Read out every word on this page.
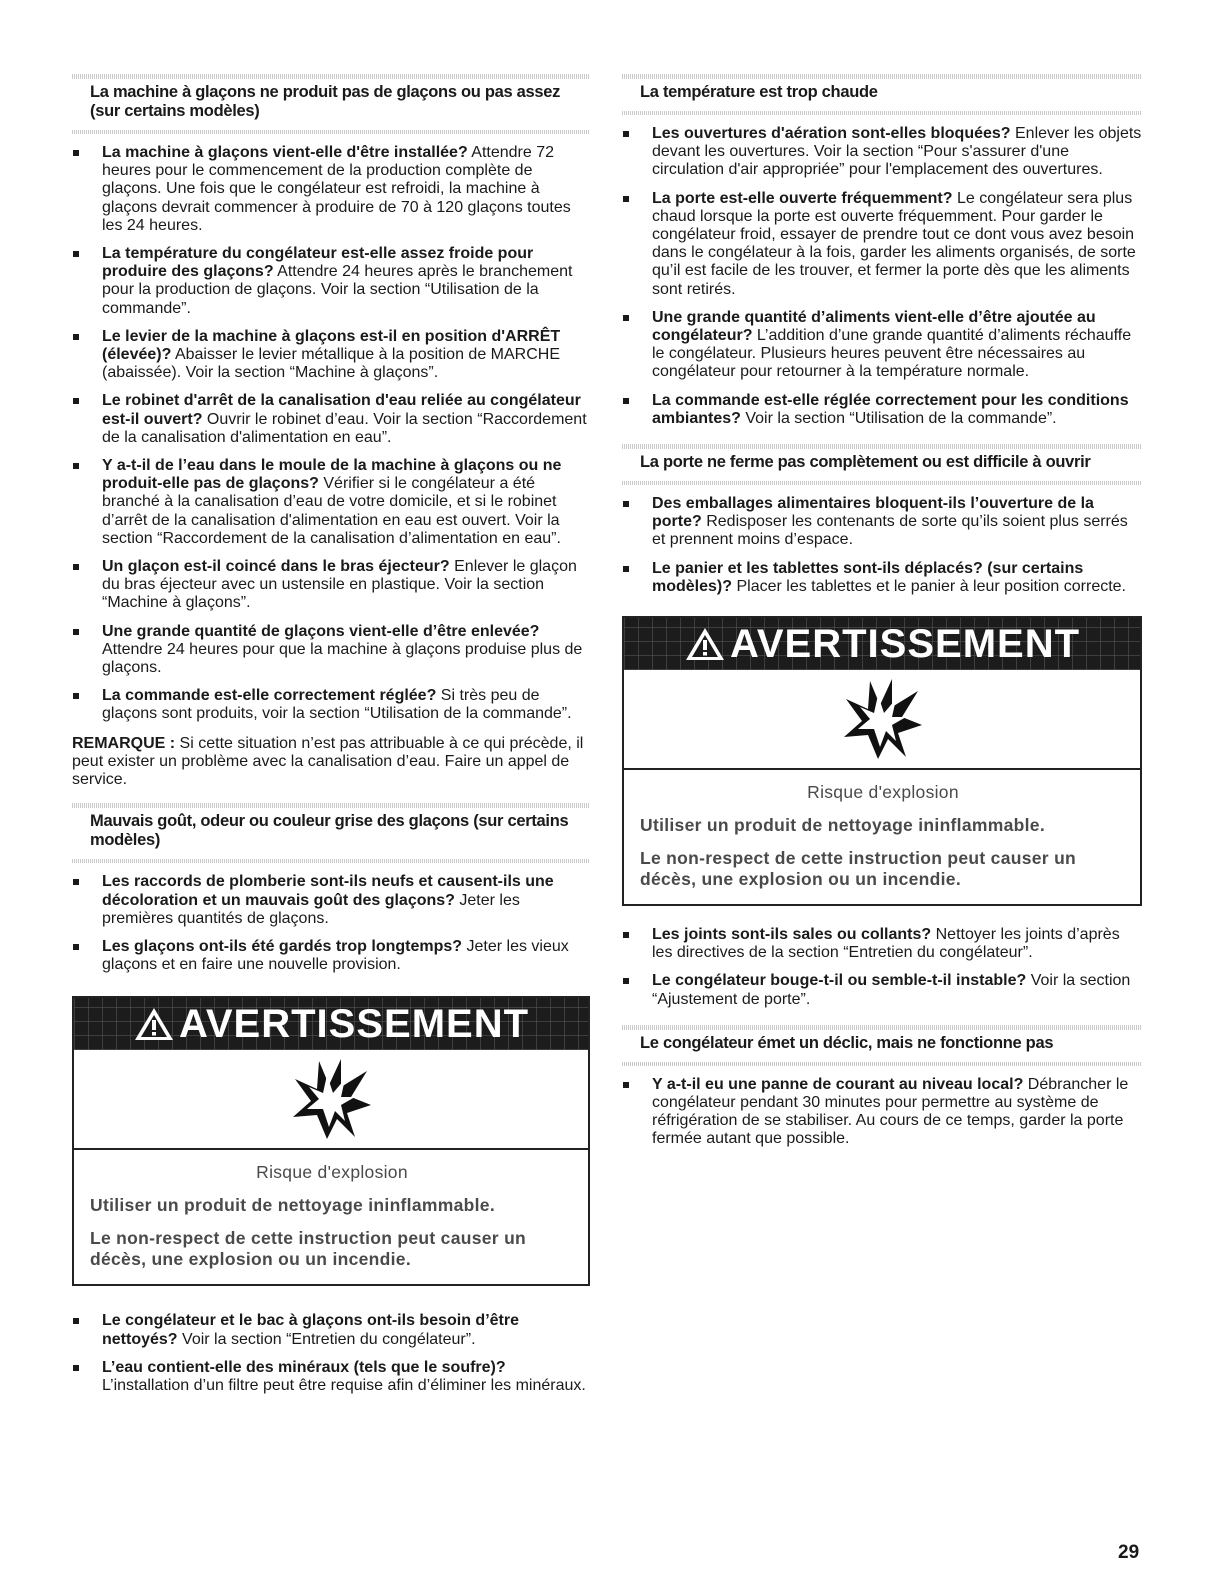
La machine à glaçons ne produit pas de glaçons ou pas assez (sur certains modèles)
La machine à glaçons vient-elle d'être installée? Attendre 72 heures pour le commencement de la production complète de glaçons. Une fois que le congélateur est refroidi, la machine à glaçons devrait commencer à produire de 70 à 120 glaçons toutes les 24 heures.
La température du congélateur est-elle assez froide pour produire des glaçons? Attendre 24 heures après le branchement pour la production de glaçons. Voir la section “Utilisation de la commande”.
Le levier de la machine à glaçons est-il en position d'ARRÊT (élevée)? Abaisser le levier métallique à la position de MARCHE (abaissée). Voir la section “Machine à glaçons”.
Le robinet d'arrêt de la canalisation d'eau reliée au congélateur est-il ouvert? Ouvrir le robinet d’eau. Voir la section “Raccordement de la canalisation d'alimentation en eau”.
Y a-t-il de l’eau dans le moule de la machine à glaçons ou ne produit-elle pas de glaçons? Vérifier si le congélateur a été branché à la canalisation d’eau de votre domicile, et si le robinet d’arrêt de la canalisation d'alimentation en eau est ouvert. Voir la section “Raccordement de la canalisation d’alimentation en eau”.
Un glaçon est-il coincé dans le bras éjecteur? Enlever le glaçon du bras éjecteur avec un ustensile en plastique. Voir la section “Machine à glaçons”.
Une grande quantité de glaçons vient-elle d’être enlevée? Attendre 24 heures pour que la machine à glaçons produise plus de glaçons.
La commande est-elle correctement réglée? Si très peu de glaçons sont produits, voir la section “Utilisation de la commande”.
REMARQUE : Si cette situation n’est pas attribuable à ce qui précède, il peut exister un problème avec la canalisation d’eau. Faire un appel de service.
Mauvais goût, odeur ou couleur grise des glaçons (sur certains modèles)
Les raccords de plomberie sont-ils neufs et causent-ils une décoloration et un mauvais goût des glaçons? Jeter les premières quantités de glaçons.
Les glaçons ont-ils été gardés trop longtemps? Jeter les vieux glaçons et en faire une nouvelle provision.
AVERTISSEMENT
Risque d'explosion
Utiliser un produit de nettoyage ininflammable.
Le non-respect de cette instruction peut causer un décès, une explosion ou un incendie.
Le congélateur et le bac à glaçons ont-ils besoin d’être nettoyés? Voir la section “Entretien du congélateur”.
L’eau contient-elle des minéraux (tels que le soufre)? L’installation d’un filtre peut être requise afin d’éliminer les minéraux.
La température est trop chaude
Les ouvertures d'aération sont-elles bloquées? Enlever les objets devant les ouvertures. Voir la section “Pour s'assurer d'une circulation d'air appropriée” pour l'emplacement des ouvertures.
La porte est-elle ouverte fréquemment? Le congélateur sera plus chaud lorsque la porte est ouverte fréquemment. Pour garder le congélateur froid, essayer de prendre tout ce dont vous avez besoin dans le congélateur à la fois, garder les aliments organisés, de sorte qu’il est facile de les trouver, et fermer la porte dès que les aliments sont retirés.
Une grande quantité d’aliments vient-elle d’être ajoutée au congélateur? L’addition d’une grande quantité d’aliments réchauffe le congélateur. Plusieurs heures peuvent être nécessaires au congélateur pour retourner à la température normale.
La commande est-elle réglée correctement pour les conditions ambiantes? Voir la section “Utilisation de la commande”.
La porte ne ferme pas complètement ou est difficile à ouvrir
Des emballages alimentaires bloquent-ils l’ouverture de la porte? Redisposer les contenants de sorte qu’ils soient plus serrés et prennent moins d’espace.
Le panier et les tablettes sont-ils déplacés? (sur certains modèles)? Placer les tablettes et le panier à leur position correcte.
AVERTISSEMENT
Risque d'explosion
Utiliser un produit de nettoyage ininflammable.
Le non-respect de cette instruction peut causer un décès, une explosion ou un incendie.
Les joints sont-ils sales ou collants? Nettoyer les joints d’après les directives de la section “Entretien du congélateur”.
Le congélateur bouge-t-il ou semble-t-il instable? Voir la section “Ajustement de porte”.
Le congélateur émet un déclic, mais ne fonctionne pas
Y a-t-il eu une panne de courant au niveau local? Débrancher le congélateur pendant 30 minutes pour permettre au système de réfrigération de se stabiliser. Au cours de ce temps, garder la porte fermée autant que possible.
29
